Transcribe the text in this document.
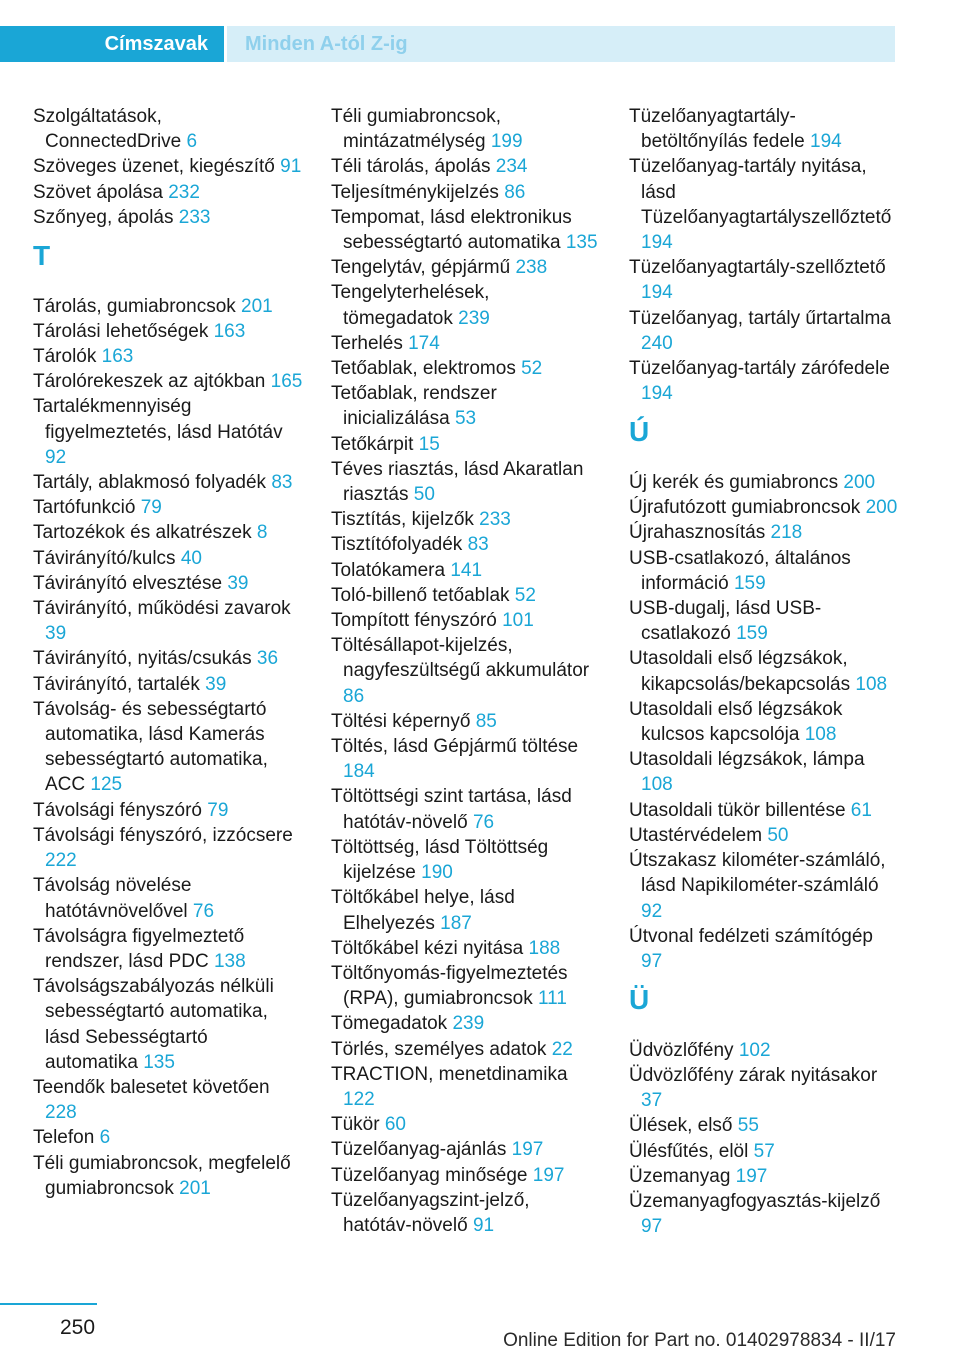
Címszavak	Minden A-tól Z-ig

Szolgáltatások, ConnectedDrive 6

Szöveges üzenet, kiegészítő 91

Szövet ápolása 232

Szőnyeg, ápolás 233

T

Tárolás, gumiabroncsok 201

Tárolási lehetőségek 163

Tárolók 163

Tárolórekeszek az ajtókban 165

Tartalékmennyiség figyelmeztetés, lásd Hatótáv 92

Tartály, ablakmosó folyadék 83

Tartófunkció 79

Tartozékok és alkatrészek 8

Távirányító/kulcs 40

Távirányító elvesztése 39

Távirányító, működési zavarok 39

Távirányító, nyitás/csukás 36

Távirányító, tartalék 39

Távolság- és sebességtartó automatika, lásd Kamerás sebességtartó automatika, ACC 125

Távolsági fényszóró 79

Távolsági fényszóró, izzócsere 222

Távolság növelése hatótávnövelővel 76

Távolságra figyelmeztető rendszer, lásd PDC 138

Távolságszabályozás nélküli sebességtartó automatika, lásd Sebességtartó automatika 135

Teendők balesetet követően 228

Telefon 6

Téli gumiabroncsok, megfelelő gumiabroncsok 201

Téli gumiabroncsok, mintázatmélység 199

Téli tárolás, ápolás 234

Teljesítménykijelzés 86

Tempomat, lásd elektronikus sebességtartó automatika 135

Tengelytáv, gépjármű 238

Tengelyterhelések, tömegadatok 239

Terhelés 174

Tetőablak, elektromos 52

Tetőablak, rendszer inicializálása 53

Tetőkárpit 15

Téves riasztás, lásd Akaratlan riasztás 50

Tisztítás, kijelzők 233

Tisztítófolyadék 83

Tolatókamera 141

Toló-billenő tetőablak 52

Tompított fényszóró 101

Töltésállapot-kijelzés, nagyfeszültségű akkumulátor 86

Töltési képernyő 85

Töltés, lásd Gépjármű töltése 184

Töltöttségi szint tartása, lásd hatótáv-növelő 76

Töltöttség, lásd Töltöttség kijelzése 190

Töltőkábel helye, lásd Elhelyezés 187

Töltőkábel kézi nyitása 188

Töltőnyomás-figyelmeztetés (RPA), gumiabroncsok 111

Tömegadatok 239

Törlés, személyes adatok 22

TRACTION, menetdinamika 122

Tükör 60

Tüzelőanyag-ajánlás 197

Tüzelőanyag minősége 197

Tüzelőanyagszint-jelző, hatótáv-növelő 91

Tüzelőanyagtartály-betöltőnyílás fedele 194

Tüzelőanyag-tartály nyitása, lásd Tüzelőanyagtartályszellőztető 194

Tüzelőanyagtartály-szellőztető 194

Tüzelőanyag, tartály űrtartalma 240

Tüzelőanyag-tartály zárófedele 194

Ú

Új kerék és gumiabroncs 200

Újrafutózott gumiabroncsok 200

Újrahasznosítás 218

USB-csatlakozó, általános információ 159

USB-dugalj, lásd USB-csatlakozó 159

Utasoldali első légzsákok, kikapcsolás/bekapcsolás 108

Utasoldali első légzsákok kulcsos kapcsolója 108

Utasoldali légzsákok, lámpa 108

Utasoldali tükör billentése 61

Utastérvédelem 50

Útszakasz kilométer-számláló, lásd Napikilométer-számláló 92

Útvonal fedélzeti számítógép 97

Ü

Üdvözlőfény 102

Üdvözlőfény zárak nyitásakor 37

Ülések, első 55

Ülésfűtés, elöl 57

Üzemanyag 197

Üzemanyagfogyasztás-kijelző 97

250
Online Edition for Part no. 01402978834 - II/17
